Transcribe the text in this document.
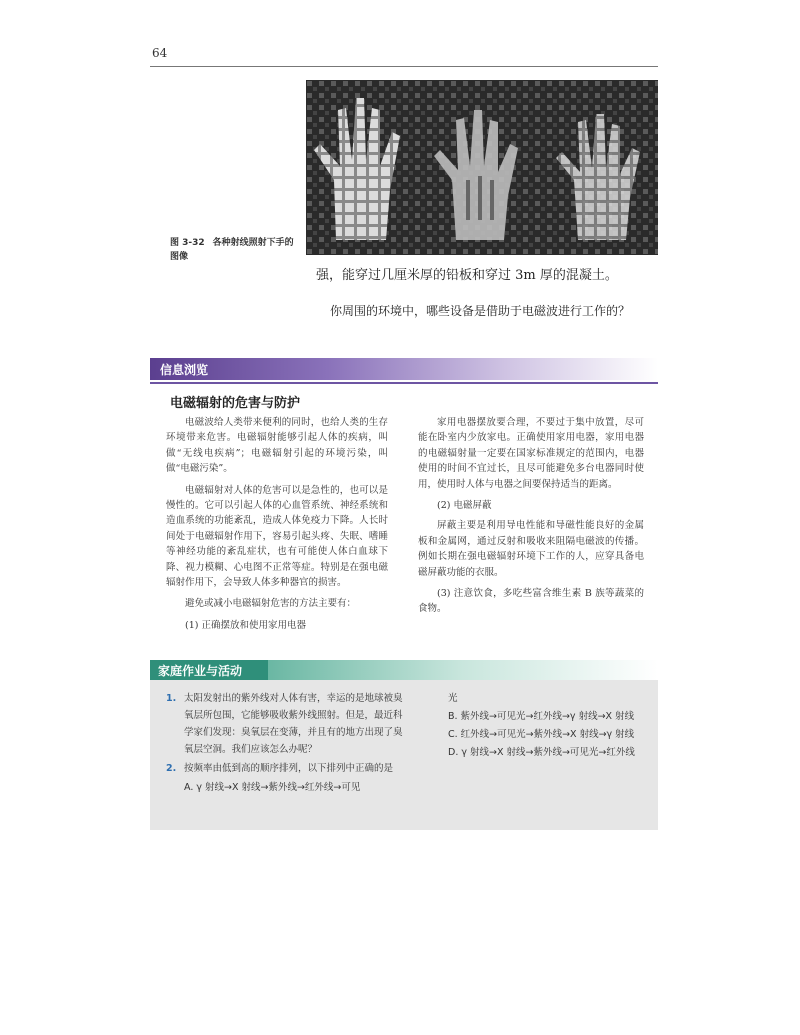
64
图 3-32 各种射线照射下手的图像
强，能穿过几厘米厚的铅板和穿过 3m 厚的混凝土。
你周围的环境中，哪些设备是借助于电磁波进行工作的？
信息浏览
电磁辐射的危害与防护

电磁波给人类带来便利的同时，也给人类的生存环境带来危害。电磁辐射能够引起人体的疾病，叫做“无线电疾病”；电磁辐射引起的环境污染，叫做“电磁污染”。

电磁辐射对人体的危害可以是急性的，也可以是慢性的。它可以引起人体的心血管系统、神经系统和造血系统的功能紊乱，造成人体免疫力下降。人长时间处于电磁辐射作用下，容易引起头疼、失眠、嗜睡等神经功能的紊乱症状，也有可能使人体白血球下降、视力模糊、心电图不正常等症。特别是在强电磁辐射作用下，会导致人体多种器官的损害。

避免或减小电磁辐射危害的方法主要有：

(1) 正确摆放和使用家用电器

家用电器摆放要合理，不要过于集中放置，尽可能在卧室内少放家电。正确使用家用电器，家用电器的电磁辐射量一定要在国家标准规定的范围内，电器使用的时间不宜过长，且尽可能避免多台电器同时使用，使用时人体与电器之间要保持适当的距离。

(2) 电磁屏蔽

屏蔽主要是利用导电性能和导磁性能良好的金属板和金属网，通过反射和吸收来阻隔电磁波的传播。例如长期在强电磁辐射环境下工作的人，应穿具备电磁屏蔽功能的衣服。

(3) 注意饮食，多吃些富含维生素 B 族等蔬菜的食物。

家庭作业与活动
1. 太阳发射出的紫外线对人体有害，幸运的是地球被臭氧层所包围，它能够吸收紫外线照射。但是，最近科学家们发现：臭氧层在变薄，并且有的地方出现了臭氧层空洞。我们应该怎么办呢？
2. 按频率由低到高的顺序排列，以下排列中正确的是
A. γ 射线→X 射线→紫外线→红外线→可见
光
B. 紫外线→可见光→红外线→γ 射线→X 射线
C. 红外线→可见光→紫外线→X 射线→γ 射线
D. γ 射线→X 射线→紫外线→可见光→红外线
